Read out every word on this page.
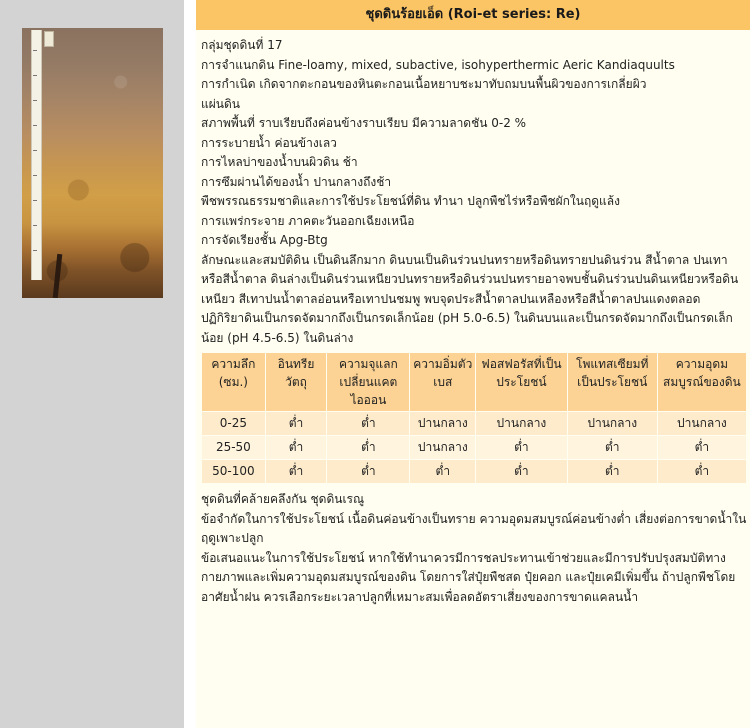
ชุดดินร้อยเอ็ด (Roi-et series: Re)
กลุ่มชุดดินที่ 17
การจำแนกดิน Fine-loamy, mixed, subactive, isohyperthermic Aeric Kandiaquults
การกำเนิด เกิดจากตะกอนของหินตะกอนเนื้อหยาบชะมาทับถมบนพื้นผิวของการเกลี่ยผิว
แผ่นดิน
สภาพพื้นที่ ราบเรียบถึงค่อนข้างราบเรียบ มีความลาดชัน 0-2 %
การระบายน้ำ ค่อนข้างเลว
การไหลบ่าของน้ำบนผิวดิน ช้า
การซึมผ่านได้ของน้ำ ปานกลางถึงช้า
พืชพรรณธรรมชาติและการใช้ประโยชน์ที่ดิน ทำนา ปลูกพืชไร่หรือพืชผักในฤดูแล้ง
การแพร่กระจาย ภาคตะวันออกเฉียงเหนือ
การจัดเรียงชั้น Apg-Btg
ลักษณะและสมบัติดิน เป็นดินลึกมาก ดินบนเป็นดินร่วนปนทรายหรือดินทรายปนดินร่วน สีน้ำตาล ปนเทาหรือสีน้ำตาล ดินล่างเป็นดินร่วนเหนียวปนทรายหรือดินร่วนปนทรายอาจพบชั้นดินร่วนปนดินเหนียวหรือดินเหนียว สีเทาปนน้ำตาลอ่อนหรือเทาปนชมพู พบจุดประสีน้ำตาลปนเหลืองหรือสีน้ำตาลปนแดงตลอด ปฏิกิริยาดินเป็นกรดจัดมากถึงเป็นกรดเล็กน้อย (pH 5.0-6.5) ในดินบนและเป็นกรดจัดมากถึงเป็นกรดเล็กน้อย (pH 4.5-6.5) ในดินล่าง
ความลึก (ซม.)	อินทรียวัตถุ	ความจุแลกเปลี่ยนแคตไอออน	ความอิ่มตัวเบส	ฟอสฟอรัสที่เป็นประโยชน์	โพแทสเซียมที่เป็นประโยชน์	ความอุดมสมบูรณ์ของดิน
0-25	ต่ำ	ต่ำ	ปานกลาง	ปานกลาง	ปานกลาง	ปานกลาง
25-50	ต่ำ	ต่ำ	ปานกลาง	ต่ำ	ต่ำ	ต่ำ
50-100	ต่ำ	ต่ำ	ต่ำ	ต่ำ	ต่ำ	ต่ำ
ชุดดินที่คล้ายคลึงกัน ชุดดินเรณู
ข้อจำกัดในการใช้ประโยชน์ เนื้อดินค่อนข้างเป็นทราย ความอุดมสมบูรณ์ค่อนข้างต่ำ เสี่ยงต่อการขาดน้ำในฤดูเพาะปลูก
ข้อเสนอแนะในการใช้ประโยชน์ หากใช้ทำนาควรมีการชลประทานเข้าช่วยและมีการปรับปรุงสมบัติทางกายภาพและเพิ่มความอุดมสมบูรณ์ของดิน โดยการใส่ปุ๋ยพืชสด ปุ๋ยคอก และปุ๋ยเคมีเพิ่มขึ้น ถ้าปลูกพืชโดยอาศัยน้ำฝน ควรเลือกระยะเวลาปลูกที่เหมาะสมเพื่อลดอัตราเสี่ยงของการขาดแคลนน้ำ
